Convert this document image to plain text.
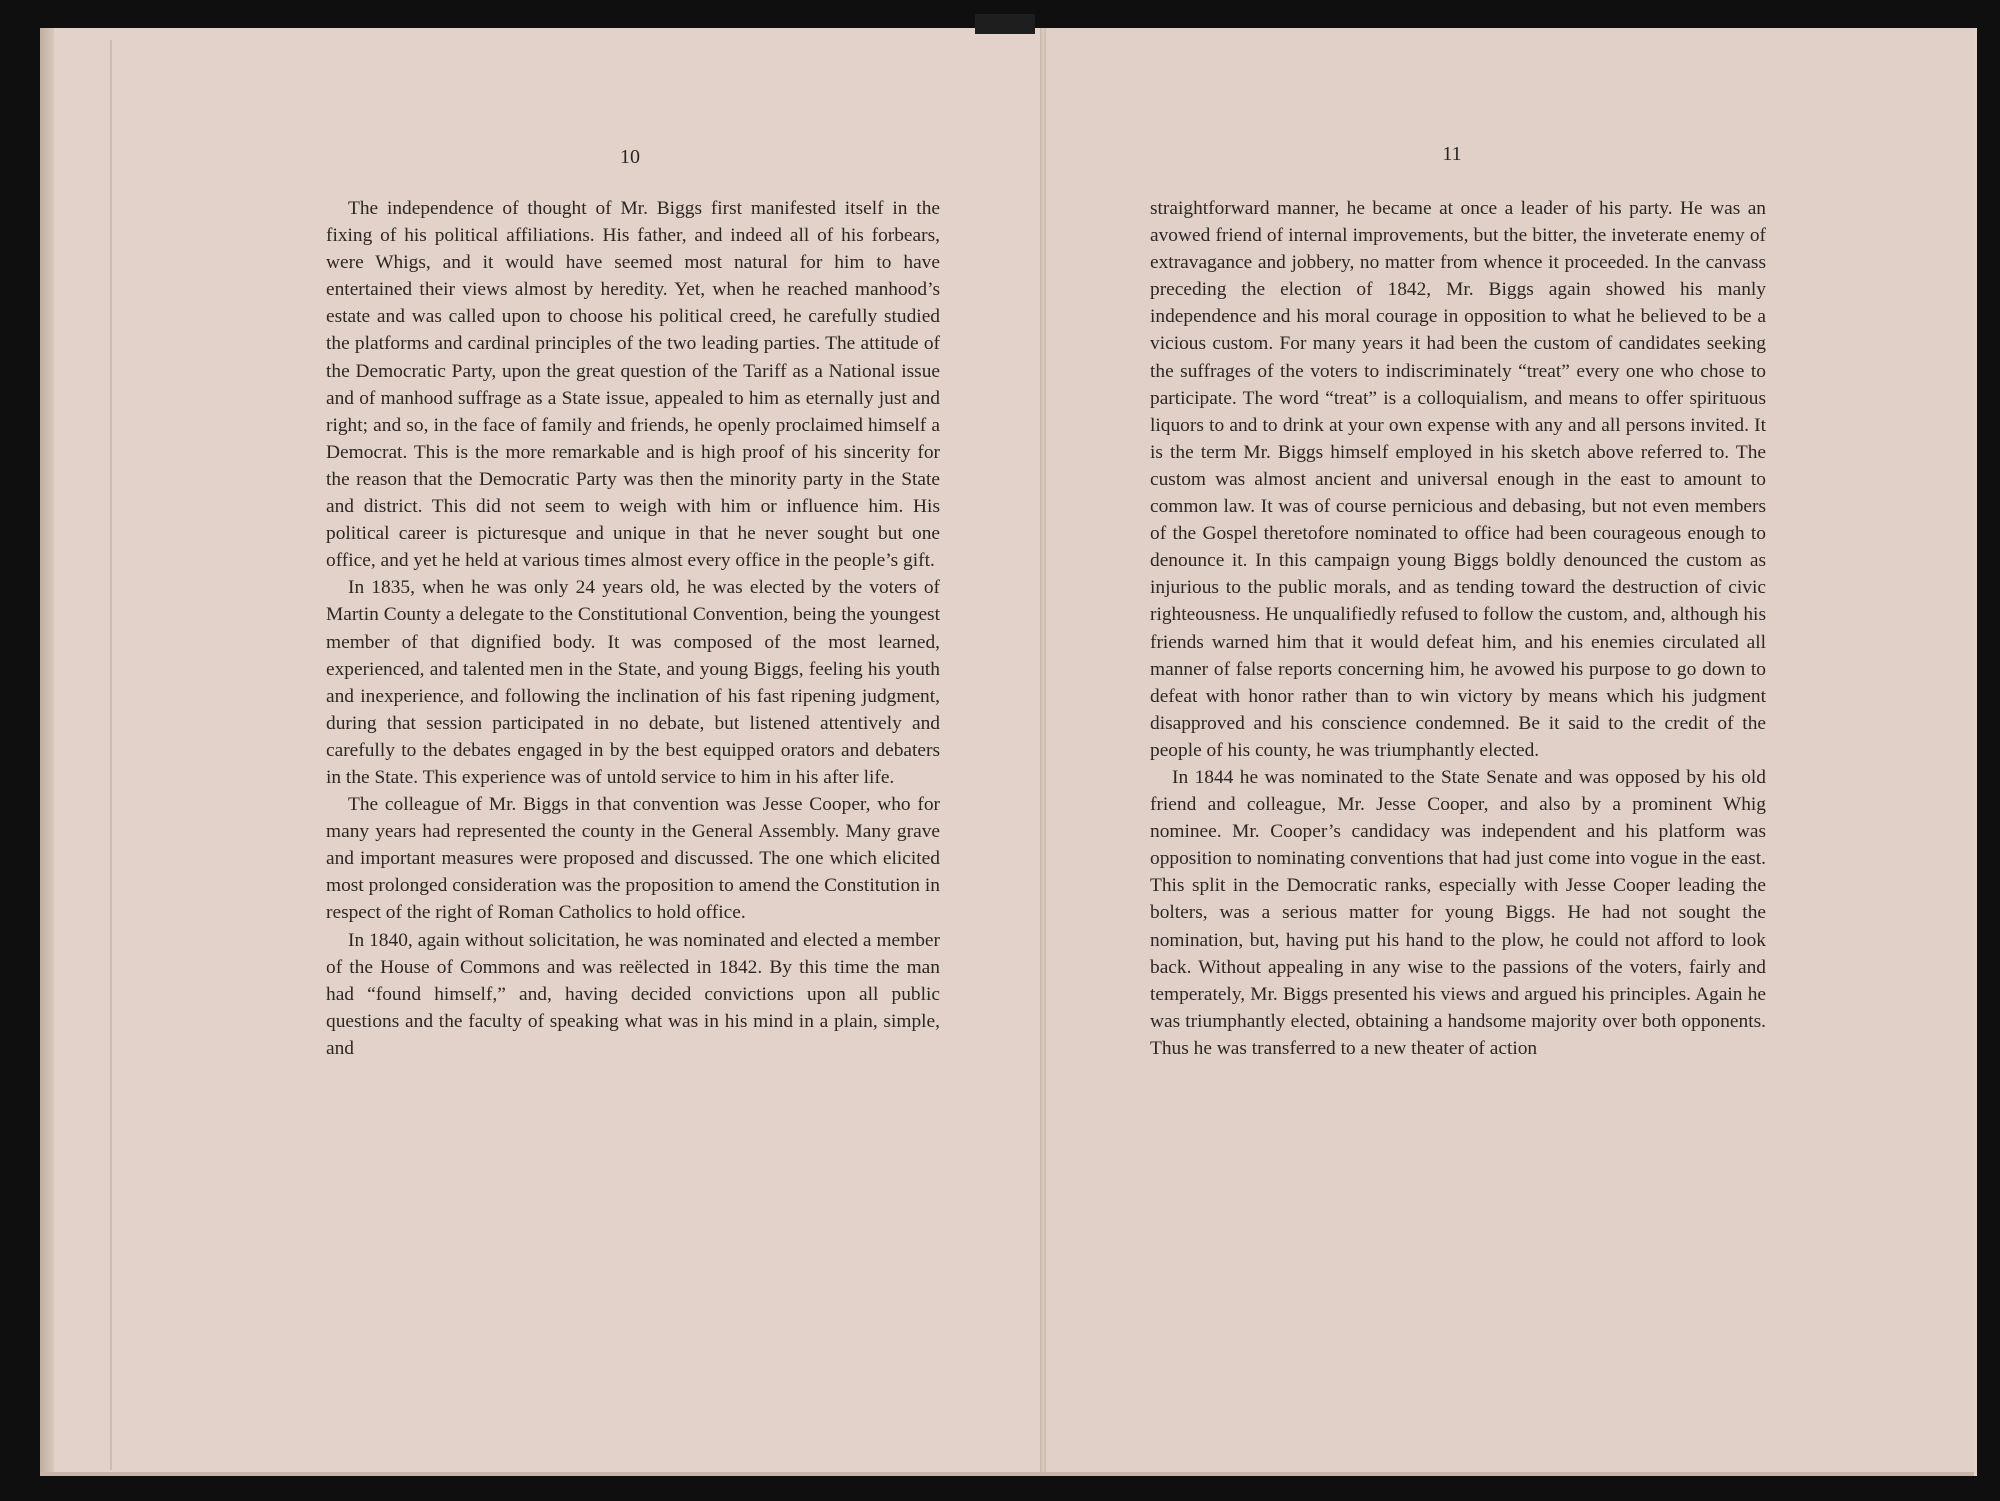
10	11

The independence of thought of Mr. Biggs first manifested itself in the fixing of his political affiliations. His father, and indeed all of his forbears, were Whigs, and it would have seemed most natural for him to have entertained their views almost by heredity. Yet, when he reached manhood’s estate and was called upon to choose his political creed, he carefully studied the platforms and cardinal principles of the two leading parties. The attitude of the Democratic Party, upon the great question of the Tariff as a National issue and of manhood suffrage as a State issue, appealed to him as eternally just and right; and so, in the face of family and friends, he openly proclaimed himself a Democrat. This is the more remarkable and is high proof of his sincerity for the reason that the Democratic Party was then the minority party in the State and district. This did not seem to weigh with him or influence him. His political career is picturesque and unique in that he never sought but one office, and yet he held at various times almost every office in the people’s gift.

In 1835, when he was only 24 years old, he was elected by the voters of Martin County a delegate to the Constitutional Convention, being the youngest member of that dignified body. It was composed of the most learned, experienced, and talented men in the State, and young Biggs, feeling his youth and inexperience, and following the inclination of his fast ripening judgment, during that session participated in no debate, but listened attentively and carefully to the debates engaged in by the best equipped orators and debaters in the State. This experience was of untold service to him in his after life.

The colleague of Mr. Biggs in that convention was Jesse Cooper, who for many years had represented the county in the General Assembly. Many grave and important measures were proposed and discussed. The one which elicited most prolonged consideration was the proposition to amend the Constitution in respect of the right of Roman Catholics to hold office.

In 1840, again without solicitation, he was nominated and elected a member of the House of Commons and was reëlected in 1842. By this time the man had “found himself,” and, having decided convictions upon all public questions and the faculty of speaking what was in his mind in a plain, simple, and

straightforward manner, he became at once a leader of his party. He was an avowed friend of internal improvements, but the bitter, the inveterate enemy of extravagance and jobbery, no matter from whence it proceeded. In the canvass preceding the election of 1842, Mr. Biggs again showed his manly independence and his moral courage in opposition to what he believed to be a vicious custom. For many years it had been the custom of candidates seeking the suffrages of the voters to indiscriminately “treat” every one who chose to participate. The word “treat” is a colloquialism, and means to offer spirituous liquors to and to drink at your own expense with any and all persons invited. It is the term Mr. Biggs himself employed in his sketch above referred to. The custom was almost ancient and universal enough in the east to amount to common law. It was of course pernicious and debasing, but not even members of the Gospel theretofore nominated to office had been courageous enough to denounce it. In this campaign young Biggs boldly denounced the custom as injurious to the public morals, and as tending toward the destruction of civic righteousness. He unqualifiedly refused to follow the custom, and, although his friends warned him that it would defeat him, and his enemies circulated all manner of false reports concerning him, he avowed his purpose to go down to defeat with honor rather than to win victory by means which his judgment disapproved and his conscience condemned. Be it said to the credit of the people of his county, he was triumphantly elected.

In 1844 he was nominated to the State Senate and was opposed by his old friend and colleague, Mr. Jesse Cooper, and also by a prominent Whig nominee. Mr. Cooper’s candidacy was independent and his platform was opposition to nominating conventions that had just come into vogue in the east. This split in the Democratic ranks, especially with Jesse Cooper leading the bolters, was a serious matter for young Biggs. He had not sought the nomination, but, having put his hand to the plow, he could not afford to look back. Without appealing in any wise to the passions of the voters, fairly and temperately, Mr. Biggs presented his views and argued his principles. Again he was triumphantly elected, obtaining a handsome majority over both opponents. Thus he was transferred to a new theater of action
